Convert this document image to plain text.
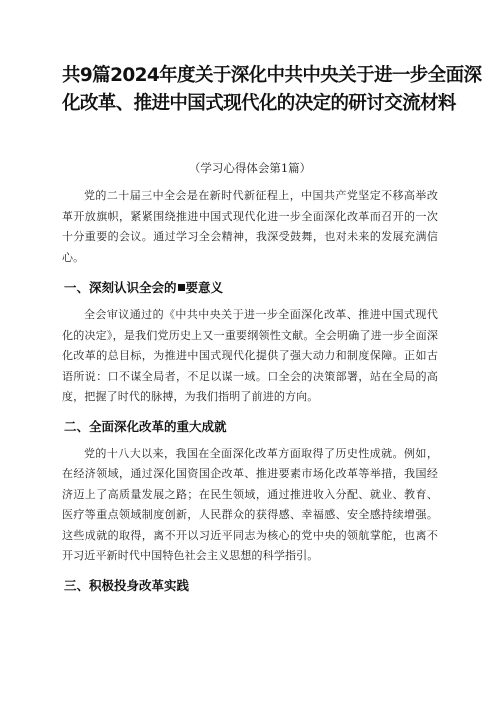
共9篇2024年度关于深化中共中央关于进一步全面深
化改革、推进中国式现代化的决定的研讨交流材料
（学习心得体会第1篇）

党的二十届三中全会是在新时代新征程上，中国共产党坚定不移高举改革开放旗帜，紧紧围绕推进中国式现代化进一步全面深化改革而召开的一次十分重要的会议。通过学习全会精神，我深受鼓舞，也对未来的发展充满信心。

一、深刻认识全会的 要意义

全会审议通过的《中共中央关于进一步全面深化改革、推进中国式现代化的决定》，是我们党历史上又一重要纲领性文献。全会明确了进一步全面深化改革的总目标，为推进中国式现代化提供了强大动力和制度保障。正如古语所说：口不谋全局者，不足以谋一域。口全会的决策部署，站在全局的高度，把握了时代的脉搏，为我们指明了前进的方向。

二、全面深化改革的重大成就

党的十八大以来，我国在全面深化改革方面取得了历史性成就。例如，在经济领域，通过深化国资国企改革、推进要素市场化改革等举措，我国经济迈上了高质量发展之路；在民生领域，通过推进收入分配、就业、教育、医疗等重点领域制度创新，人民群众的获得感、幸福感、安全感持续增强。这些成就的取得，离不开以习近平同志为核心的党中央的领航掌舵，也离不开习近平新时代中国特色社会主义思想的科学指引。

三、积极投身改革实践
